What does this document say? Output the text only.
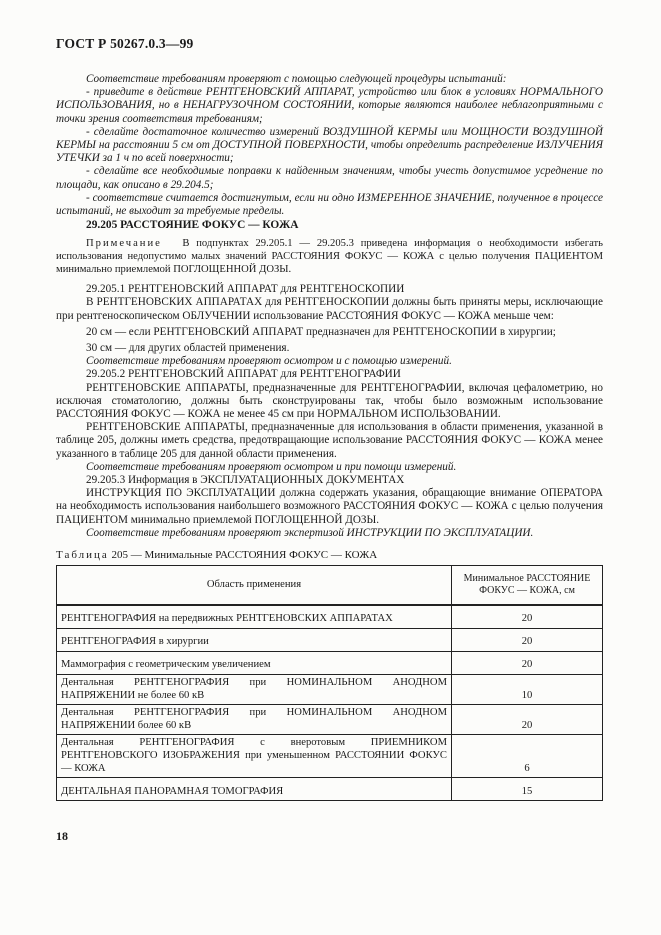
ГОСТ Р 50267.0.3—99

Соответствие требованиям проверяют с помощью следующей процедуры испытаний:

- приведите в действие РЕНТГЕНОВСКИЙ АППАРАТ, устройство или блок в условиях НОРМАЛЬНОГО ИСПОЛЬЗОВАНИЯ, но в НЕНАГРУЗОЧНОМ СОСТОЯНИИ, которые являются наиболее неблагоприятными с точки зрения соответствия требованиям;

- сделайте достаточное количество измерений ВОЗДУШНОЙ КЕРМЫ или МОЩНОСТИ ВОЗДУШНОЙ КЕРМЫ на расстоянии 5 см от ДОСТУПНОЙ ПОВЕРХНОСТИ, чтобы определить распределение ИЗЛУЧЕНИЯ УТЕЧКИ за 1 ч по всей поверхности;

- сделайте все необходимые поправки к найденным значениям, чтобы учесть допустимое усреднение по площади, как описано в 29.204.5;

- соответствие считается достигнутым, если ни одно ИЗМЕРЕННОЕ ЗНАЧЕНИЕ, полученное в процессе испытаний, не выходит за требуемые пределы.

29.205 РАССТОЯНИЕ ФОКУС — КОЖА

Примечание В подпунктах 29.205.1 — 29.205.3 приведена информация о необходимости избегать использования недопустимо малых значений РАССТОЯНИЯ ФОКУС — КОЖА с целью получения ПАЦИЕНТОМ минимально приемлемой ПОГЛОЩЕННОЙ ДОЗЫ.

29.205.1 РЕНТГЕНОВСКИЙ АППАРАТ для РЕНТГЕНОСКОПИИ

В РЕНТГЕНОВСКИХ АППАРАТАХ для РЕНТГЕНОСКОПИИ должны быть приняты меры, исключающие при рентгеноскопическом ОБЛУЧЕНИИ использование РАССТОЯНИЯ ФОКУС — КОЖА меньше чем:

20 см — если РЕНТГЕНОВСКИЙ АППАРАТ предназначен для РЕНТГЕНОСКОПИИ в хирургии;

30 см — для других областей применения.

Соответствие требованиям проверяют осмотром и с помощью измерений.

29.205.2 РЕНТГЕНОВСКИЙ АППАРАТ для РЕНТГЕНОГРАФИИ

РЕНТГЕНОВСКИЕ АППАРАТЫ, предназначенные для РЕНТГЕНОГРАФИИ, включая цефалометрию, но исключая стоматологию, должны быть сконструированы так, чтобы было возможным использование РАССТОЯНИЯ ФОКУС — КОЖА не менее 45 см при НОРМАЛЬНОМ ИСПОЛЬЗОВАНИИ.

РЕНТГЕНОВСКИЕ АППАРАТЫ, предназначенные для использования в области применения, указанной в таблице 205, должны иметь средства, предотвращающие использование РАССТОЯНИЯ ФОКУС — КОЖА менее указанного в таблице 205 для данной области применения.

Соответствие требованиям проверяют осмотром и при помощи измерений.

29.205.3 Информация в ЭКСПЛУАТАЦИОННЫХ ДОКУМЕНТАХ

ИНСТРУКЦИЯ ПО ЭКСПЛУАТАЦИИ должна содержать указания, обращающие внимание ОПЕРАТОРА на необходимость использования наибольшего возможного РАССТОЯНИЯ ФОКУС — КОЖА с целью получения ПАЦИЕНТОМ минимально приемлемой ПОГЛОЩЕННОЙ ДОЗЫ.

Соответствие требованиям проверяют экспертизой ИНСТРУКЦИИ ПО ЭКСПЛУАТАЦИИ.

Таблица 205 — Минимальные РАССТОЯНИЯ ФОКУС — КОЖА
Область применения	Минимальное РАССТОЯНИЕ ФОКУС — КОЖА, см
РЕНТГЕНОГРАФИЯ на передвижных РЕНТГЕНОВСКИХ АППАРАТАХ	20
РЕНТГЕНОГРАФИЯ в хирургии	20
Маммография с геометрическим увеличением	20
Дентальная РЕНТГЕНОГРАФИЯ при НОМИНАЛЬНОМ АНОДНОМ НАПРЯЖЕНИИ не более 60 кВ	10
Дентальная РЕНТГЕНОГРАФИЯ при НОМИНАЛЬНОМ АНОДНОМ НАПРЯЖЕНИИ более 60 кВ	20
Дентальная РЕНТГЕНОГРАФИЯ с внеротовым ПРИЕМНИКОМ РЕНТГЕНОВСКОГО ИЗОБРАЖЕНИЯ при уменьшенном РАССТОЯНИИ ФОКУС — КОЖА	6
ДЕНТАЛЬНАЯ ПАНОРАМНАЯ ТОМОГРАФИЯ	15
18
